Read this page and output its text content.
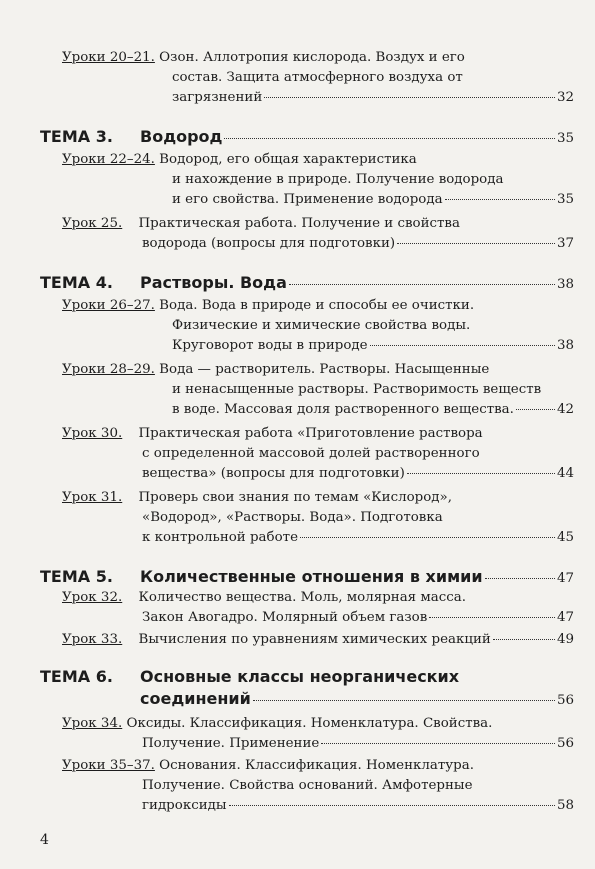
Уроки 20–21. Озон. Аллотропия кислорода. Воздух и его
состав. Защита атмосферного воздуха от
загрязнений	32
ТЕМА 3. Водород	35
Уроки 22–24. Водород, его общая характеристика
и нахождение в природе. Получение водорода
и его свойства. Применение водорода	35
Урок 25. Практическая работа. Получение и свойства
водорода (вопросы для подготовки)	37
ТЕМА 4. Растворы. Вода	38
Уроки 26–27. Вода. Вода в природе и способы ее очистки.
Физические и химические свойства воды.
Круговорот воды в природе	38
Уроки 28–29. Вода — растворитель. Растворы. Насыщенные
и ненасыщенные растворы. Растворимость веществ
в воде. Массовая доля растворенного вещества.	42
Урок 30. Практическая работа «Приготовление раствора
с определенной массовой долей растворенного
вещества» (вопросы для подготовки)	44
Урок 31. Проверь свои знания по темам «Кислород»,
«Водород», «Растворы. Вода». Подготовка
к контрольной работе	45
ТЕМА 5. Количественные отношения в химии	47
Урок 32. Количество вещества. Моль, молярная масса.
Закон Авогадро. Молярный объем газов	47
Урок 33. Вычисления по уравнениям химических реакций	49
ТЕМА 6. Основные классы неорганических
соединений	56
Урок 34. Оксиды. Классификация. Номенклатура. Свойства.
Получение. Применение	56
Уроки 35–37. Основания. Классификация. Номенклатура.
Получение. Свойства оснований. Амфотерные
гидроксиды	58
4
